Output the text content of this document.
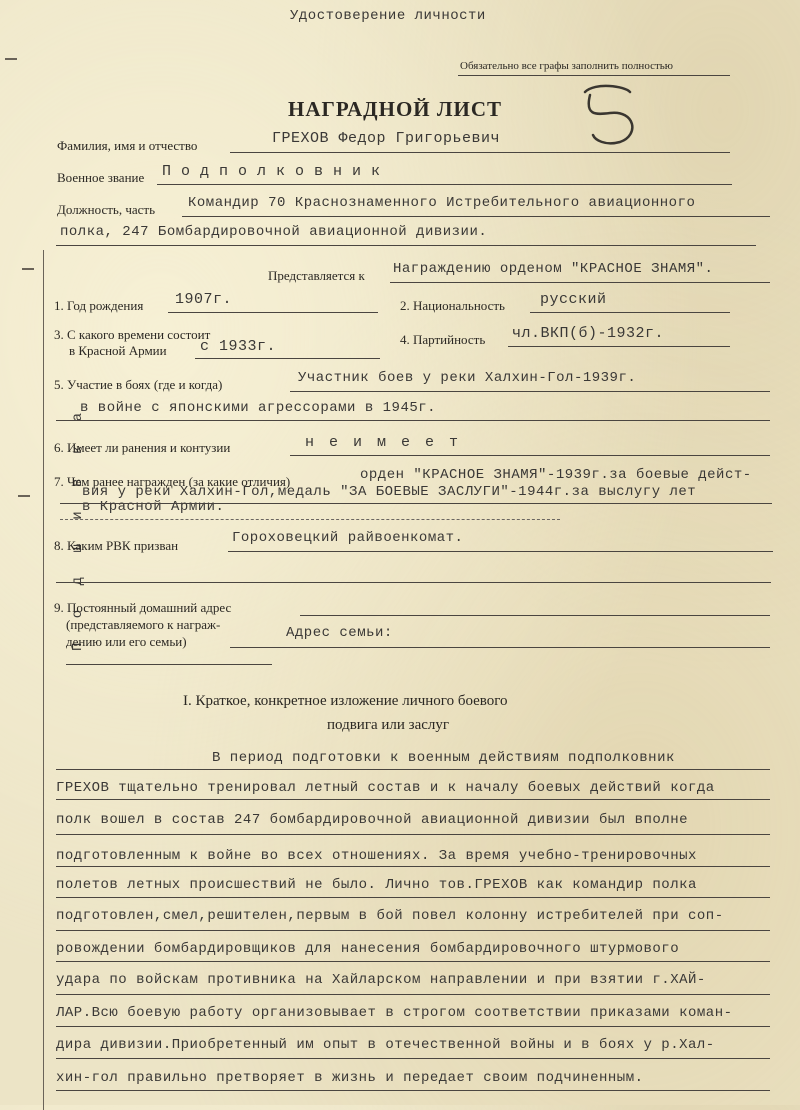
Удостоверение личности
Обязательно все графы заполнить полностью
НАГРАДНОЙ ЛИСТ
Фамилия, имя и отчество	ГРЕХОВ Федор Григорьевич
Военное звание П о д п о л к о в н и к
Должность, часть Командир 70 Краснознаменного Истребительного авиационного
полка, 247 Бомбардировочной авиационной дивизии.
Представляется к Награждению орденом "КРАСНОЕ ЗНАМЯ".
П о д ш и в к а
1. Год рождения 1907г.	2. Национальность русский
3. С какого времени состоит
в Красной Армии с 1933г.	4. Партийность чл.ВКП(б)-1932г.
5. Участие в боях (где и когда)	Участник боев у реки Халхин-Гол-1939г.
в войне с японскими агрессорами в 1945г.
6. Имеет ли ранения и контузии	н е и м е е т
7. Чем ранее награжден (за какие отличия)	орден "КРАСНОЕ ЗНАМЯ"-1939г.за боевые дейст-
вия у реки Халхин-Гол,медаль "ЗА БОЕВЫЕ ЗАСЛУГИ"-1944г.за выслугу лет
в Красной Армии.
8. Каким РВК призван	Гороховецкий райвоенкомат.
9. Постоянный домашний адрес
(представляемого к награж-
дению или его семьи)
Адрес семьи:
I. Краткое, конкретное изложение личного боевого
подвига или заслуг
В период подготовки к военным действиям подполковник
ГРЕХОВ тщательно тренировал летный состав и к началу боевых действий когда
полк вошел в состав 247 бомбардировочной авиационной дивизии был вполне
подготовленным к войне во всех отношениях. За время учебно-тренировочных
полетов летных происшествий не было. Лично тов.ГРЕХОВ как командир полка
подготовлен,смел,решителен,первым в бой повел колонну истребителей при соп-
ровождении бомбардировщиков для нанесения бомбардировочного штурмового
удара по войскам противника на Хайларском направлении и при взятии г.ХАЙ-
ЛАР.Всю боевую работу организовывает в строгом соответствии приказами коман-
дира дивизии.Приобретенный им опыт в отечественной войны и в боях у р.Хал-
хин-гол правильно претворяет в жизнь и передает своим подчиненным.
